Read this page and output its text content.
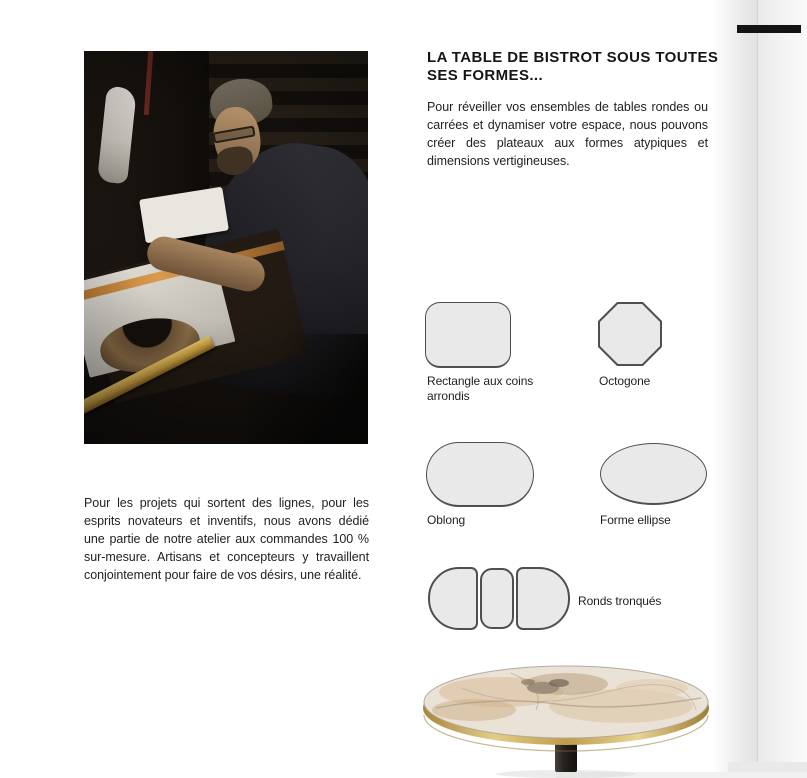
Pour les projets qui sortent des lignes, pour les esprits novateurs et inventifs, nous avons dédié une partie de notre atelier aux commandes 100 % sur-mesure. Artisans et concepteurs y travaillent conjointement pour faire de vos désirs, une réalité.

LA TABLE DE BISTROT SOUS TOUTES SES FORMES...

Pour réveiller vos ensembles de tables rondes ou carrées et dynamiser votre espace, nous pouvons créer des plateaux aux formes atypiques et dimensions vertigineuses.

Rectangle aux coins arrondis
Octogone
Oblong	Forme ellipse
Ronds tronqués
